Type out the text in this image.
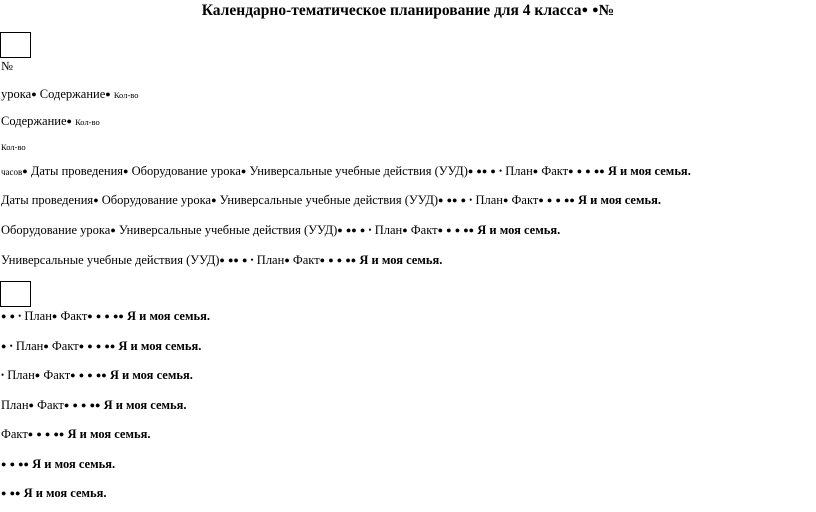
Календарно-тематическое планирование для 4 класса● ●№
№
урока● Содержание● Кол-во
Содержание● Кол-во
Кол-во
часов● Даты проведения● Оборудование урока● Универсальные учебные действия (УУД)● ●● ● • План● Факт● ● ● ●● Я и моя семья.
Даты проведения● Оборудование урока● Универсальные учебные действия (УУД)● ●● ● • План● Факт● ● ● ●● Я и моя семья.
Оборудование урока● Универсальные учебные действия (УУД)● ●● ● • План● Факт● ● ● ●● Я и моя семья.
Универсальные учебные действия (УУД)● ●● ● • План● Факт● ● ● ●● Я и моя семья.
● ● • План● Факт● ● ● ●● Я и моя семья.
● • План● Факт● ● ● ●● Я и моя семья.
• План● Факт● ● ● ●● Я и моя семья.
План● Факт● ● ● ●● Я и моя семья.
Факт● ● ● ●● Я и моя семья.
● ● ●● Я и моя семья.
● ●● Я и моя семья.
